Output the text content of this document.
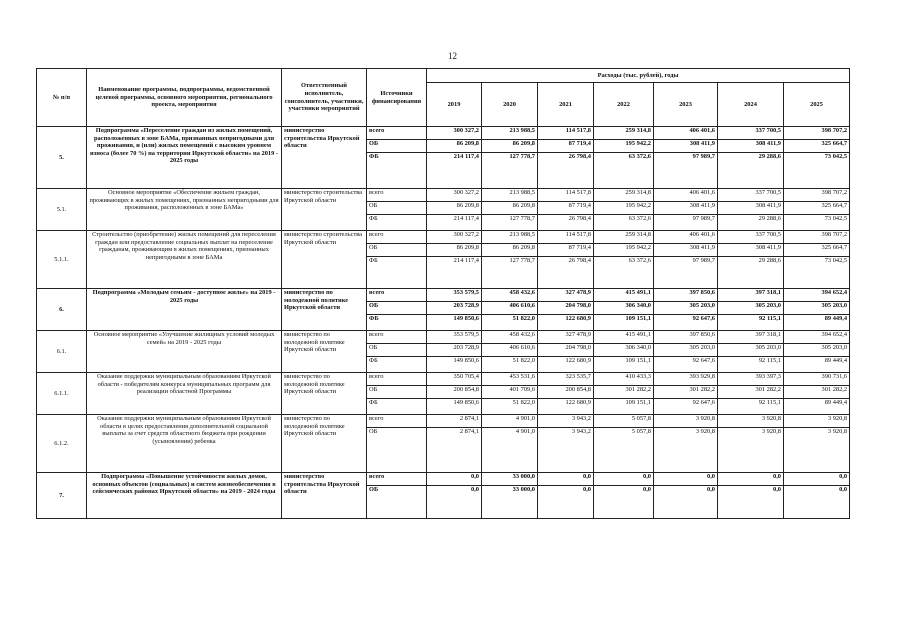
12
№ п/п	Наименование программы, подпрограммы, ведомственной целевой программы, основного мероприятия, регионального проекта, мероприятия	Ответственный исполнитель, соисполнитель, участники, участники мероприятий	Источники финансирования	Расходы (тыс. рублей), годы						
				2019	2020	2021	2022	2023	2024	2025
5.	Подпрограмма «Переселение граждан из жилых помещений, расположенных в зоне БАМа, признанных непригодными для проживания, и (или) жилых помещений с высоким уровнем износа (более 70 %) на территории Иркутской области» на 2019 - 2025 годы	министерство строительства Иркутской области	всего	300 327,2	213 988,5	114 517,8	259 314,8	406 401,6	337 700,5	398 707,2
			ОБ	86 209,8	86 209,8	87 719,4	195 942,2	308 411,9	308 411,9	325 664,7
			ФБ	214 117,4	127 778,7	26 798,4	63 372,6	97 989,7	29 288,6	73 042,5
5.1.	Основное мероприятие «Обеспечение жильем граждан, проживающих в жилых помещениях, признанных непригодными для проживания, расположенных в зоне БАМа»	министерство строительства Иркутской области	всего	300 327,2	213 988,5	114 517,8	259 314,8	406 401,6	337 700,5	398 707,2
			ОБ	86 209,8	86 209,8	87 719,4	195 942,2	308 411,9	308 411,9	325 664,7
			ФБ	214 117,4	127 778,7	26 798,4	63 372,6	97 989,7	29 288,6	73 042,5
5.1.1.	Строительство (приобретение) жилых помещений для переселения граждан или предоставление социальных выплат на переселение гражданам, проживающим в жилых помещениях, признанных непригодными в зоне БАМа	министерство строительства Иркутской области	всего	300 327,2	213 988,5	114 517,8	259 314,8	406 401,6	337 700,5	398 707,2
			ОБ	86 209,8	86 209,8	87 719,4	195 942,2	308 411,9	308 411,9	325 664,7
			ФБ	214 117,4	127 778,7	26 798,4	63 372,6	97 989,7	29 288,6	73 042,5
6.	Подпрограмма «Молодым семьям - доступное жилье» на 2019 - 2025 годы	министерство по молодежной политике Иркутской области	всего	353 579,5	458 432,6	327 478,9	415 491,1	397 850,6	397 318,1	394 652,4
			ОБ	203 728,9	406 610,6	204 798,0	306 340,0	305 203,0	305 203,0	305 203,0
			ФБ	149 850,6	51 822,0	122 680,9	109 151,1	92 647,6	92 115,1	89 449,4
6.1.	Основное мероприятие «Улучшение жилищных условий молодых семей» на 2019 - 2025 годы	министерство по молодежной политике Иркутской области	всего	353 579,5	458 432,6	327 478,9	415 491,1	397 850,6	397 318,1	394 652,4
			ОБ	203 728,9	406 610,6	204 798,0	306 340,0	305 203,0	305 203,0	305 203,0
			ФБ	149 850,6	51 822,0	122 680,9	109 151,1	92 647,6	92 115,1	89 449,4
6.1.1.	Оказание поддержки муниципальным образованиям Иркутской области - победителям конкурса муниципальных программ для реализации областной Программы	министерство по молодежной политике Иркутской области	всего	350 705,4	453 531,6	323 535,7	410 433,3	393 929,8	393 397,3	390 731,6
			ОБ	200 854,8	401 709,6	200 854,8	301 282,2	301 282,2	301 282,2	301 282,2
			ФБ	149 850,6	51 822,0	122 680,9	109 151,1	92 647,6	92 115,1	89 449,4
6.1.2.	Оказание поддержки муниципальным образованиям Иркутской области в целях предоставления дополнительной социальной выплаты за счет средств областного бюджета при рождении (усыновлении) ребенка	министерство по молодежной политике Иркутской области	всего	2 874,1	4 901,0	3 943,2	5 057,8	3 920,8	3 920,8	3 920,8
			ОБ	2 874,1	4 901,0	3 943,2	5 057,8	3 920,8	3 920,8	3 920,8
7.	Подпрограмма «Повышение устойчивости жилых домов, основных объектов (социальных) и систем жизнеобеспечения в сейсмических районах Иркутской области» на 2019 - 2024 годы	министерство строительства Иркутской области	всего	0,0	33 000,0	0,0	0,0	0,0	0,0	0,0
			ОБ	0,0	33 000,0	0,0	0,0	0,0	0,0	0,0
